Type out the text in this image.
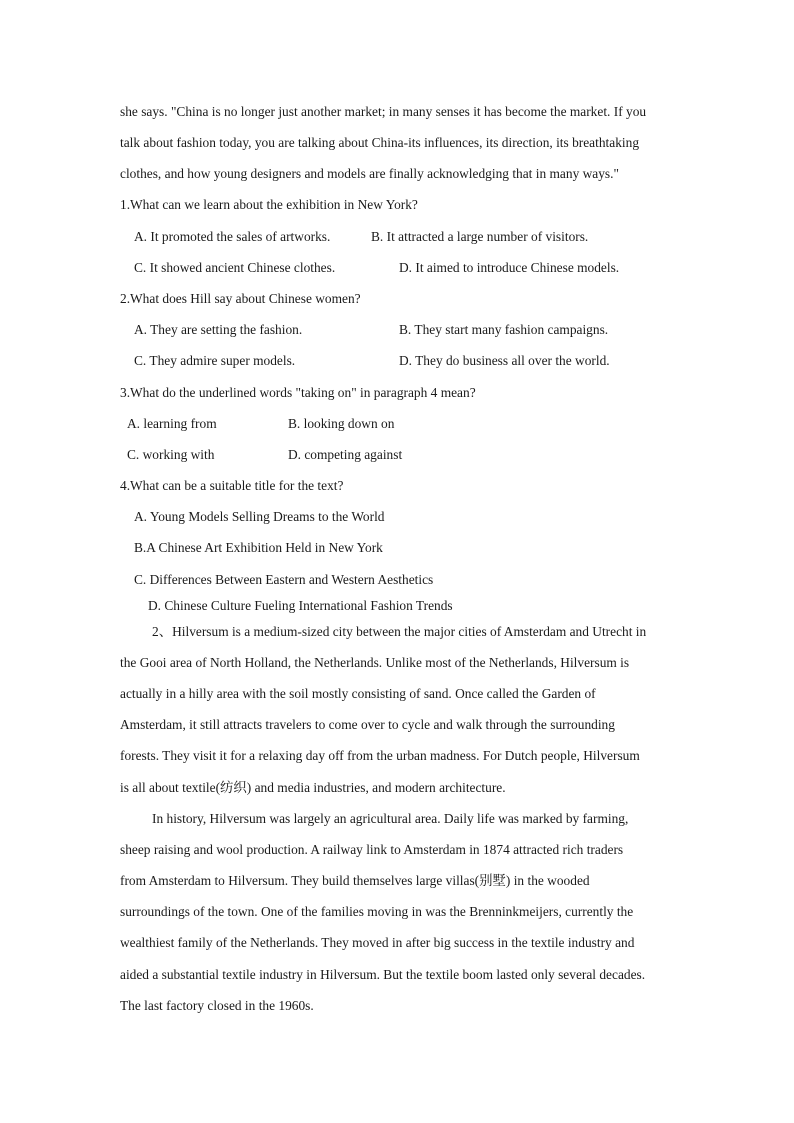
she says. "China is no longer just another market; in many senses it has become the market. If you
talk about fashion today, you are talking about China-its influences, its direction, its breathtaking
clothes, and how young designers and models are finally acknowledging that in many ways."
1.What can we learn about the exhibition in New York?
A. It promoted the sales of artworks.	B. It attracted a large number of visitors.
C. It showed ancient Chinese clothes.	D. It aimed to introduce Chinese models.
2.What does Hill say about Chinese women?
A. They are setting the fashion.	B. They start many fashion campaigns.
C. They admire super models.	D. They do business all over the world.
3.What do the underlined words "taking on" in paragraph 4 mean?
A. learning from	B. looking down on
C. working with	D. competing against
4.What can be a suitable title for the text?
A. Young Models Selling Dreams to the World
B.A Chinese Art Exhibition Held in New York
C. Differences Between Eastern and Western Aesthetics
D. Chinese Culture Fueling International Fashion Trends
2、Hilversum is a medium-sized city between the major cities of Amsterdam and Utrecht in
the Gooi area of North Holland, the Netherlands. Unlike most of the Netherlands, Hilversum is
actually in a hilly area with the soil mostly consisting of sand. Once called the Garden of
Amsterdam, it still attracts travelers to come over to cycle and walk through the surrounding
forests. They visit it for a relaxing day off from the urban madness. For Dutch people, Hilversum
is all about textile(纺织) and media industries, and modern architecture.
In history, Hilversum was largely an agricultural area. Daily life was marked by farming,
sheep raising and wool production. A railway link to Amsterdam in 1874 attracted rich traders
from Amsterdam to Hilversum. They build themselves large villas(别墅) in the wooded
surroundings of the town. One of the families moving in was the Brenninkmeijers, currently the
wealthiest family of the Netherlands. They moved in after big success in the textile industry and
aided a substantial textile industry in Hilversum. But the textile boom lasted only several decades.
The last factory closed in the 1960s.
